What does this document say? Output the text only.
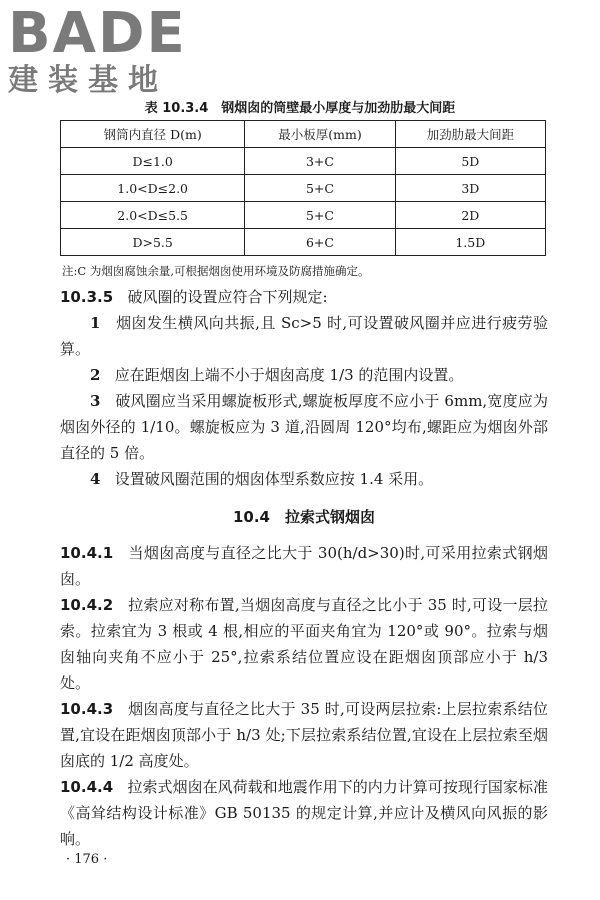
BADE
建装基地
表 10.3.4　钢烟囱的筒壁最小厚度与加劲肋最大间距
钢筒内直径 D(m)	最小板厚(mm)	加劲肋最大间距
D≤1.0	3+C	5D
1.0<D≤2.0	5+C	3D
2.0<D≤5.5	5+C	2D
D>5.5	6+C	1.5D
注:C 为烟囱腐蚀余量,可根据烟囱使用环境及防腐措施确定。

10.3.5 破风圈的设置应符合下列规定:

1 烟囱发生横风向共振,且 Sc>5 时,可设置破风圈并应进行疲劳验算。

2 应在距烟囱上端不小于烟囱高度 1/3 的范围内设置。

3 破风圈应当采用螺旋板形式,螺旋板厚度不应小于 6mm,宽度应为烟囱外径的 1/10。螺旋板应为 3 道,沿圆周 120°均布,螺距应为烟囱外部直径的 5 倍。

4 设置破风圈范围的烟囱体型系数应按 1.4 采用。

10.4　拉索式钢烟囱

10.4.1 当烟囱高度与直径之比大于 30(h/d>30)时,可采用拉索式钢烟囱。

10.4.2 拉索应对称布置,当烟囱高度与直径之比小于 35 时,可设一层拉索。拉索宜为 3 根或 4 根,相应的平面夹角宜为 120°或 90°。拉索与烟囱轴向夹角不应小于 25°,拉索系结位置应设在距烟囱顶部应小于 h/3 处。

10.4.3 烟囱高度与直径之比大于 35 时,可设两层拉索:上层拉索系结位置,宜设在距烟囱顶部小于 h/3 处;下层拉索系结位置,宜设在上层拉索至烟囱底的 1/2 高度处。

10.4.4 拉索式烟囱在风荷载和地震作用下的内力计算可按现行国家标准《高耸结构设计标准》GB 50135 的规定计算,并应计及横风向风振的影响。

· 176 ·
